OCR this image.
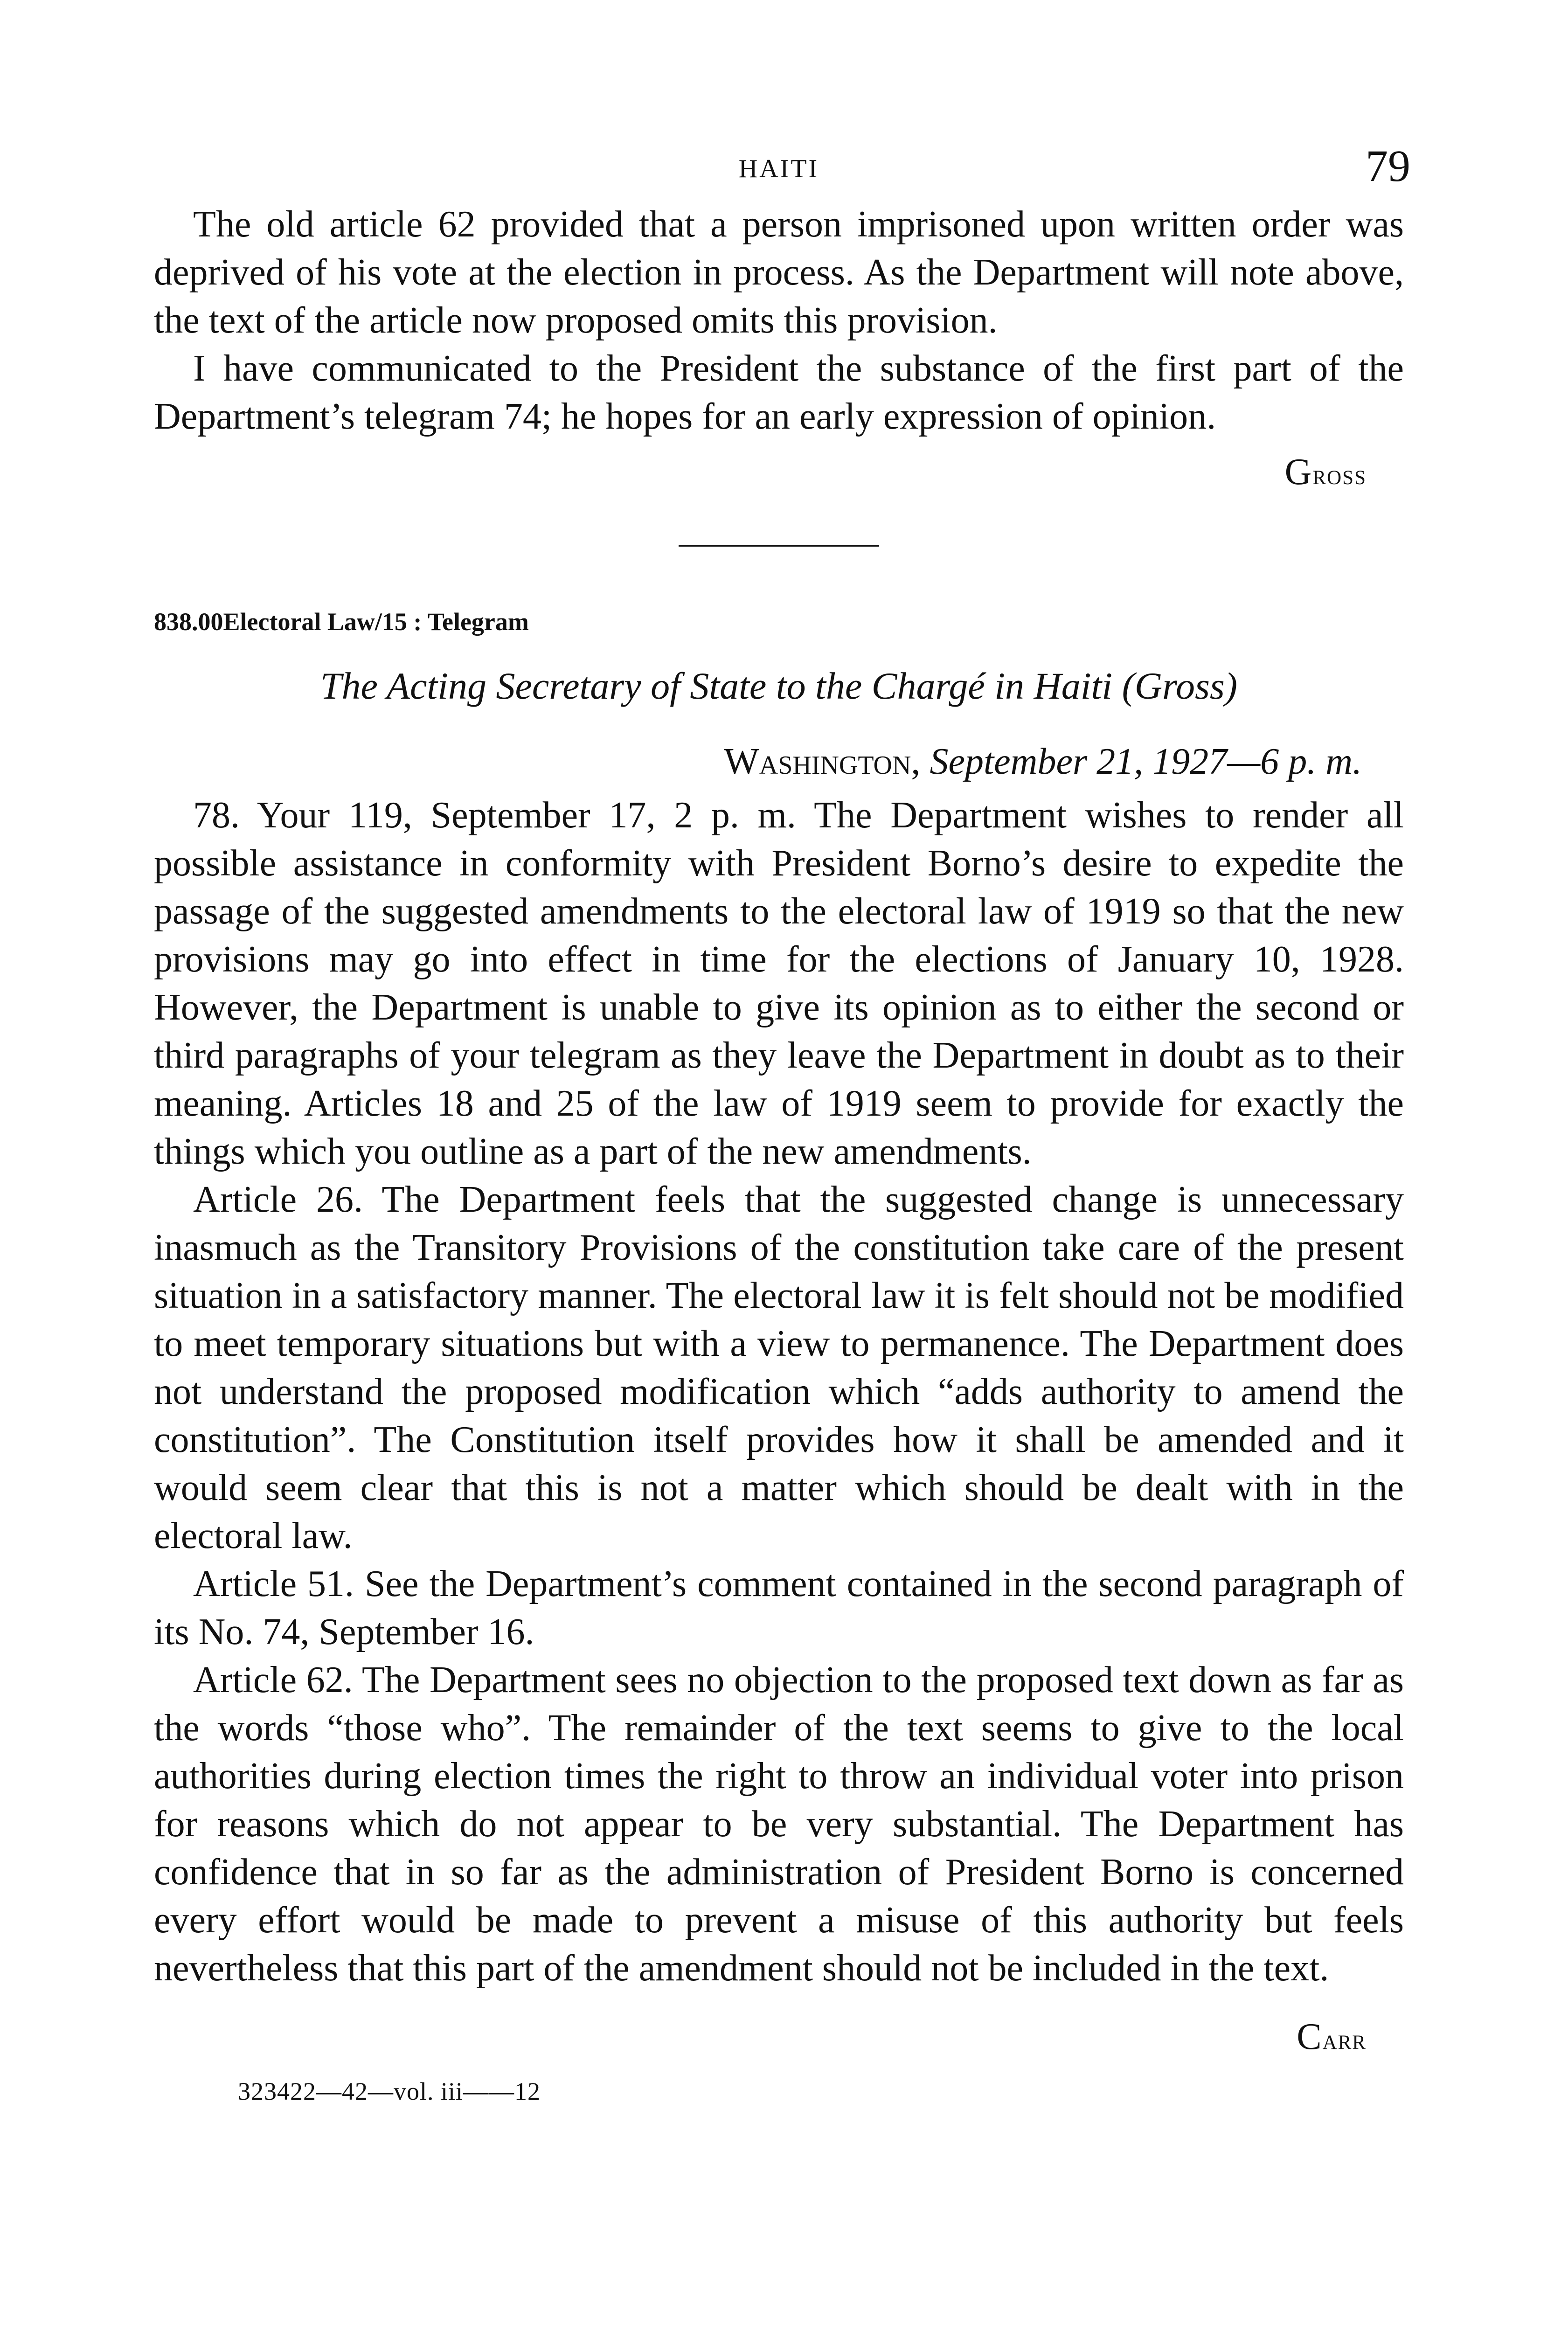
HAITI	79

The old article 62 provided that a person imprisoned upon written order was deprived of his vote at the election in process. As the Department will note above, the text of the article now proposed omits this provision.

I have communicated to the President the substance of the first part of the Department’s telegram 74; he hopes for an early expression of opinion.

Gross
838.00Electoral Law/15 : Telegram
The Acting Secretary of State to the Chargé in Haiti (Gross)
Washington, September 21, 1927—6 p. m.

78. Your 119, September 17, 2 p. m. The Department wishes to render all possible assistance in conformity with President Borno’s desire to expedite the passage of the suggested amendments to the electoral law of 1919 so that the new provisions may go into effect in time for the elections of January 10, 1928. However, the Department is unable to give its opinion as to either the second or third paragraphs of your telegram as they leave the Department in doubt as to their meaning. Articles 18 and 25 of the law of 1919 seem to provide for exactly the things which you outline as a part of the new amendments.

Article 26. The Department feels that the suggested change is unnecessary inasmuch as the Transitory Provisions of the constitution take care of the present situation in a satisfactory manner. The electoral law it is felt should not be modified to meet temporary situations but with a view to permanence. The Department does not understand the proposed modification which “adds authority to amend the constitution”. The Constitution itself provides how it shall be amended and it would seem clear that this is not a matter which should be dealt with in the electoral law.

Article 51. See the Department’s comment contained in the second paragraph of its No. 74, September 16.

Article 62. The Department sees no objection to the proposed text down as far as the words “those who”. The remainder of the text seems to give to the local authorities during election times the right to throw an individual voter into prison for reasons which do not appear to be very substantial. The Department has confidence that in so far as the administration of President Borno is concerned every effort would be made to prevent a misuse of this authority but feels nevertheless that this part of the amendment should not be included in the text.

Carr
323422—42—vol. iii——12
